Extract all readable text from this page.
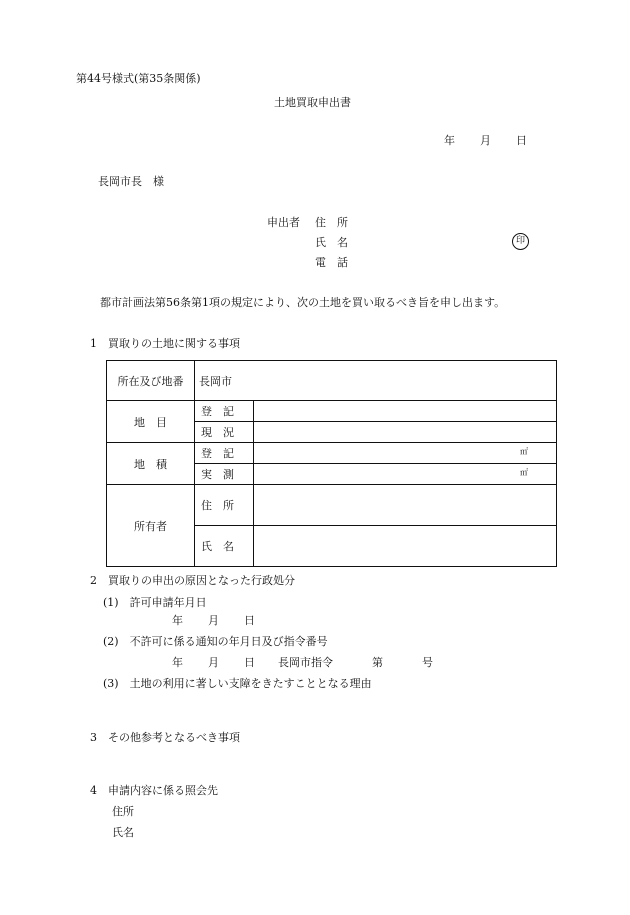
第44号様式(第35条関係)
土地買取申出書
年 月 日
長岡市長　様
申出者 住　所
氏　名	印
電　話
都市計画法第56条第1項の規定により、次の土地を買い取るべき旨を申し出ます。
1　買取りの土地に関する事項
所在及び地番	長岡市	
地　目	登　記	
	現　況	
地　積	登　記	㎡

	実　測	㎡

所有者	住　所	
	氏　名	
2　買取りの申出の原因となった行政処分
(1)　許可申請年月日
年 月 日
(2)　不許可に係る通知の年月日及び指令番号
年 月 日 長岡市指令	第	号
(3)　土地の利用に著しい支障をきたすこととなる理由
3　その他参考となるべき事項
4　申請内容に係る照会先
住所
氏名
